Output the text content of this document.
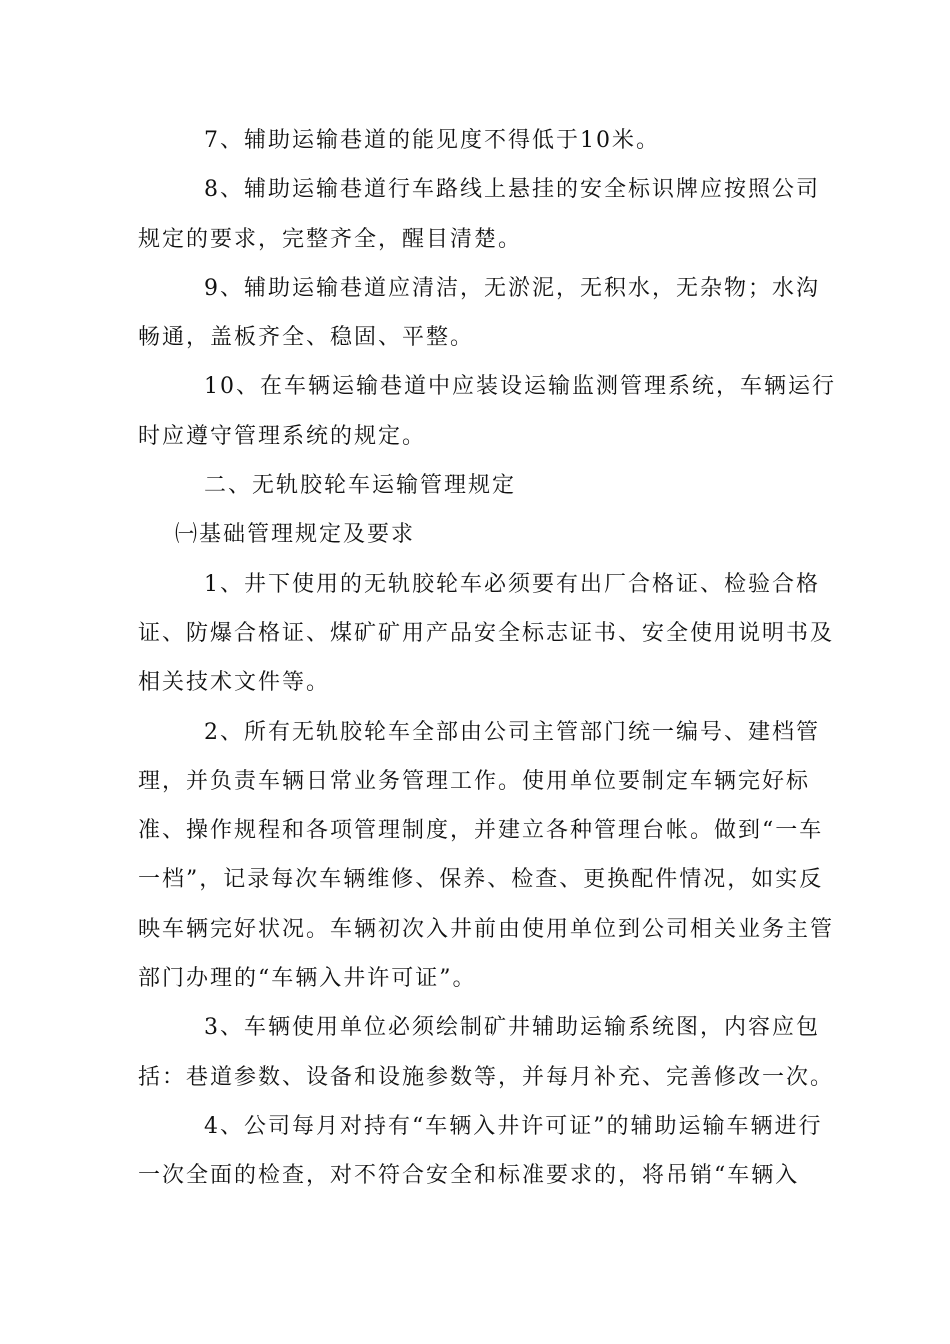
7、辅助运输巷道的能见度不得低于10米。

8、辅助运输巷道行车路线上悬挂的安全标识牌应按照公司规定的要求，完整齐全，醒目清楚。

9、辅助运输巷道应清洁，无淤泥，无积水，无杂物；水沟畅通，盖板齐全、稳固、平整。

10、在车辆运输巷道中应装设运输监测管理系统，车辆运行时应遵守管理系统的规定。

二、无轨胶轮车运输管理规定

㈠基础管理规定及要求

1、井下使用的无轨胶轮车必须要有出厂合格证、检验合格证、防爆合格证、煤矿矿用产品安全标志证书、安全使用说明书及相关技术文件等。

2、所有无轨胶轮车全部由公司主管部门统一编号、建档管理，并负责车辆日常业务管理工作。使用单位要制定车辆完好标准、操作规程和各项管理制度，并建立各种管理台帐。做到“一车一档”，记录每次车辆维修、保养、检查、更换配件情况，如实反映车辆完好状况。车辆初次入井前由使用单位到公司相关业务主管部门办理的“车辆入井许可证”。

3、车辆使用单位必须绘制矿井辅助运输系统图，内容应包括：巷道参数、设备和设施参数等，并每月补充、完善修改一次。

4、公司每月对持有“车辆入井许可证”的辅助运输车辆进行一次全面的检查，对不符合安全和标准要求的，将吊销“车辆入
